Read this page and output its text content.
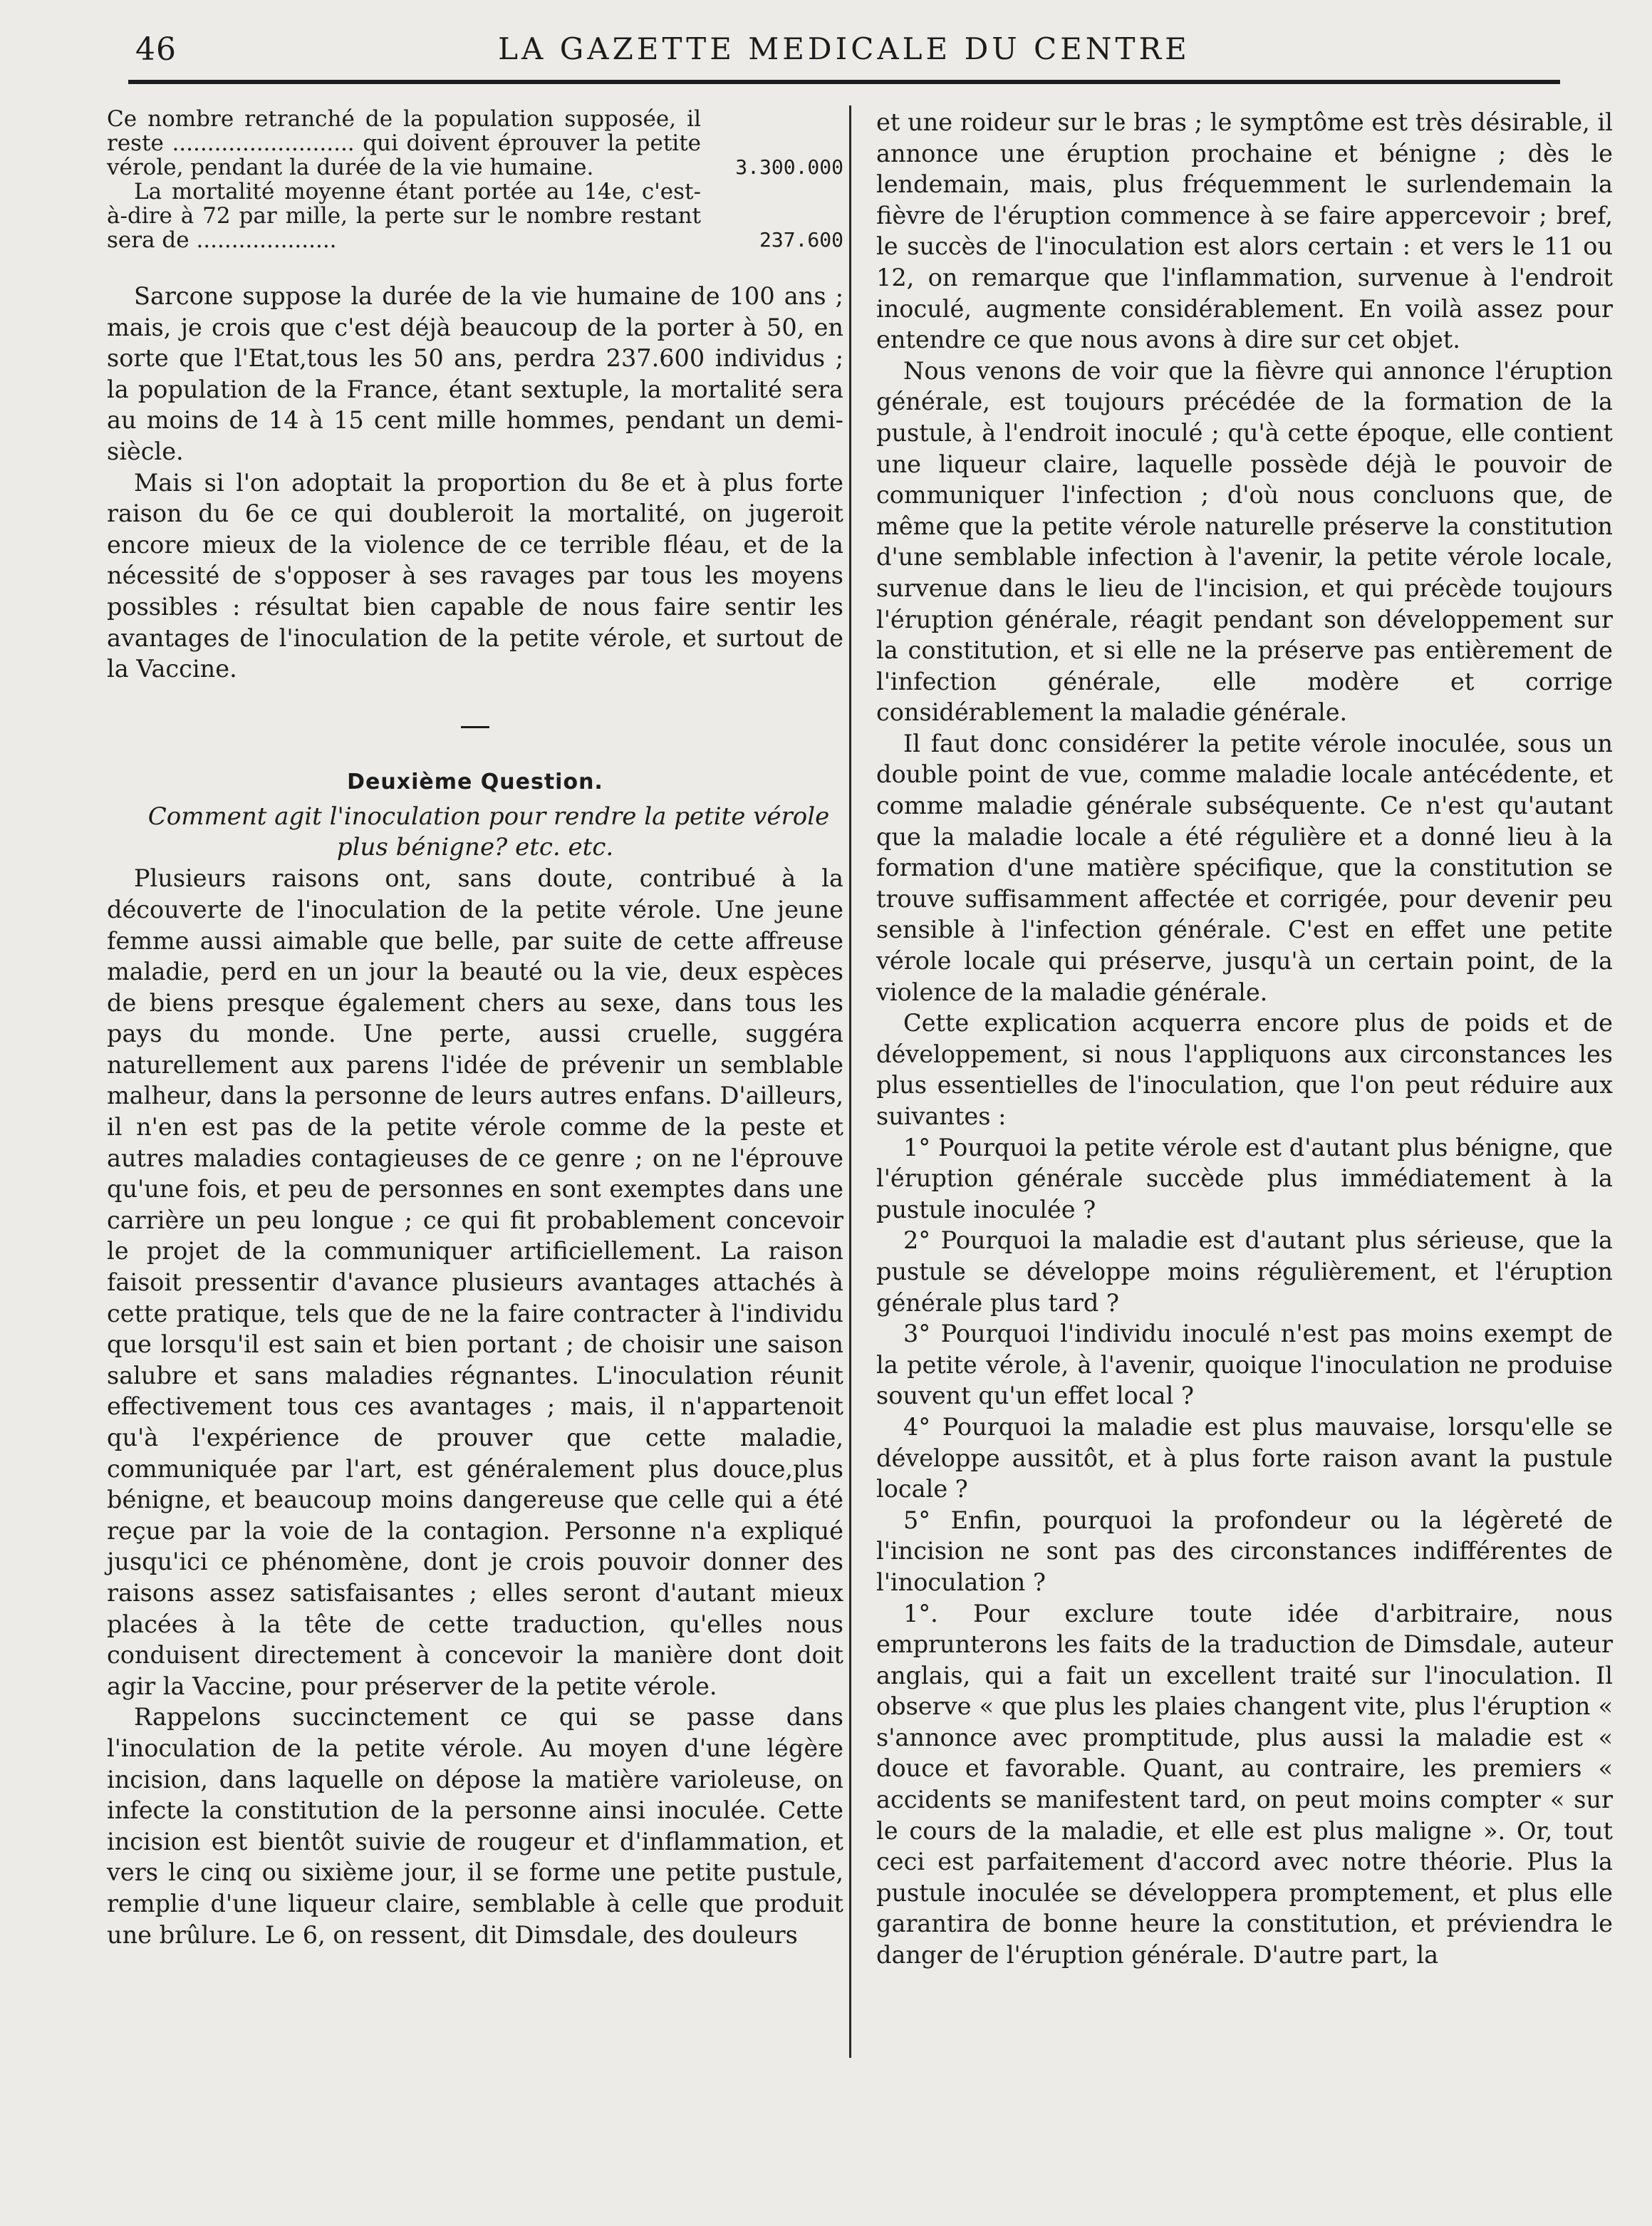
46	LA GAZETTE MEDICALE DU CENTRE
Ce nombre retranché de la population supposée, il reste .......................... qui doivent éprouver la petite vérole, pendant la durée de la vie humaine.	3.300.000
La mortalité moyenne étant portée au 14e, c'est-à-dire à 72 par mille, la perte sur le nombre restant sera de ....................	237.600

Sarcone suppose la durée de la vie humaine de 100 ans ; mais, je crois que c'est déjà beaucoup de la porter à 50, en sorte que l'Etat,tous les 50 ans, perdra 237.600 individus ; la population de la France, étant sextuple, la mortalité sera au moins de 14 à 15 cent mille hommes, pendant un demi-siècle.

Mais si l'on adoptait la proportion du 8e et à plus forte raison du 6e ce qui doubleroit la mortalité, on jugeroit encore mieux de la violence de ce terrible fléau, et de la nécessité de s'opposer à ses ravages par tous les moyens possibles : résultat bien capable de nous faire sentir les avantages de l'inoculation de la petite vérole, et surtout de la Vaccine.

Deuxième Question.

Comment agit l'inoculation pour rendre la petite vérole plus bénigne? etc. etc.

Plusieurs raisons ont, sans doute, contribué à la découverte de l'inoculation de la petite vérole. Une jeune femme aussi aimable que belle, par suite de cette affreuse maladie, perd en un jour la beauté ou la vie, deux espèces de biens presque également chers au sexe, dans tous les pays du monde. Une perte, aussi cruelle, suggéra naturellement aux parens l'idée de prévenir un semblable malheur, dans la personne de leurs autres enfans. D'ailleurs, il n'en est pas de la petite vérole comme de la peste et autres maladies contagieuses de ce genre ; on ne l'éprouve qu'une fois, et peu de personnes en sont exemptes dans une carrière un peu longue ; ce qui fit probablement concevoir le projet de la communiquer artificiellement. La raison faisoit pressentir d'avance plusieurs avantages attachés à cette pratique, tels que de ne la faire contracter à l'individu que lorsqu'il est sain et bien portant ; de choisir une saison salubre et sans maladies régnantes. L'inoculation réunit effectivement tous ces avantages ; mais, il n'appartenoit qu'à l'expérience de prouver que cette maladie, communiquée par l'art, est généralement plus douce,plus bénigne, et beaucoup moins dangereuse que celle qui a été reçue par la voie de la contagion. Personne n'a expliqué jusqu'ici ce phénomène, dont je crois pouvoir donner des raisons assez satisfaisantes ; elles seront d'autant mieux placées à la tête de cette traduction, qu'elles nous conduisent directement à concevoir la manière dont doit agir la Vaccine, pour préserver de la petite vérole.

Rappelons succinctement ce qui se passe dans l'inoculation de la petite vérole. Au moyen d'une légère incision, dans laquelle on dépose la matière varioleuse, on infecte la constitution de la personne ainsi inoculée. Cette incision est bientôt suivie de rougeur et d'inflammation, et vers le cinq ou sixième jour, il se forme une petite pustule, remplie d'une liqueur claire, semblable à celle que produit une brûlure. Le 6, on ressent, dit Dimsdale, des douleurs

et une roideur sur le bras ; le symptôme est très désirable, il annonce une éruption prochaine et bénigne ; dès le lendemain, mais, plus fréquemment le surlendemain la fièvre de l'éruption commence à se faire appercevoir ; bref, le succès de l'inoculation est alors certain : et vers le 11 ou 12, on remarque que l'inflammation, survenue à l'endroit inoculé, augmente considérablement. En voilà assez pour entendre ce que nous avons à dire sur cet objet.

Nous venons de voir que la fièvre qui annonce l'éruption générale, est toujours précédée de la formation de la pustule, à l'endroit inoculé ; qu'à cette époque, elle contient une liqueur claire, laquelle possède déjà le pouvoir de communiquer l'infection ; d'où nous concluons que, de même que la petite vérole naturelle préserve la constitution d'une semblable infection à l'avenir, la petite vérole locale, survenue dans le lieu de l'incision, et qui précède toujours l'éruption générale, réagit pendant son développement sur la constitution, et si elle ne la préserve pas entièrement de l'infection générale, elle modère et corrige considérablement la maladie générale.

Il faut donc considérer la petite vérole inoculée, sous un double point de vue, comme maladie locale antécédente, et comme maladie générale subséquente. Ce n'est qu'autant que la maladie locale a été régulière et a donné lieu à la formation d'une matière spécifique, que la constitution se trouve suffisamment affectée et corrigée, pour devenir peu sensible à l'infection générale. C'est en effet une petite vérole locale qui préserve, jusqu'à un certain point, de la violence de la maladie générale.

Cette explication acquerra encore plus de poids et de développement, si nous l'appliquons aux circonstances les plus essentielles de l'inoculation, que l'on peut réduire aux suivantes :

1° Pourquoi la petite vérole est d'autant plus bénigne, que l'éruption générale succède plus immédiatement à la pustule inoculée ?

2° Pourquoi la maladie est d'autant plus sérieuse, que la pustule se développe moins régulièrement, et l'éruption générale plus tard ?

3° Pourquoi l'individu inoculé n'est pas moins exempt de la petite vérole, à l'avenir, quoique l'inoculation ne produise souvent qu'un effet local ?

4° Pourquoi la maladie est plus mauvaise, lorsqu'elle se développe aussitôt, et à plus forte raison avant la pustule locale ?

5° Enfin, pourquoi la profondeur ou la légèreté de l'incision ne sont pas des circonstances indifférentes de l'inoculation ?

1°. Pour exclure toute idée d'arbitraire, nous emprunterons les faits de la traduction de Dimsdale, auteur anglais, qui a fait un excellent traité sur l'inoculation. Il observe « que plus les plaies changent vite, plus l'éruption « s'annonce avec promptitude, plus aussi la maladie est « douce et favorable. Quant, au contraire, les premiers « accidents se manifestent tard, on peut moins compter « sur le cours de la maladie, et elle est plus maligne ». Or, tout ceci est parfaitement d'accord avec notre théorie. Plus la pustule inoculée se développera promptement, et plus elle garantira de bonne heure la constitution, et préviendra le danger de l'éruption générale. D'autre part, la
